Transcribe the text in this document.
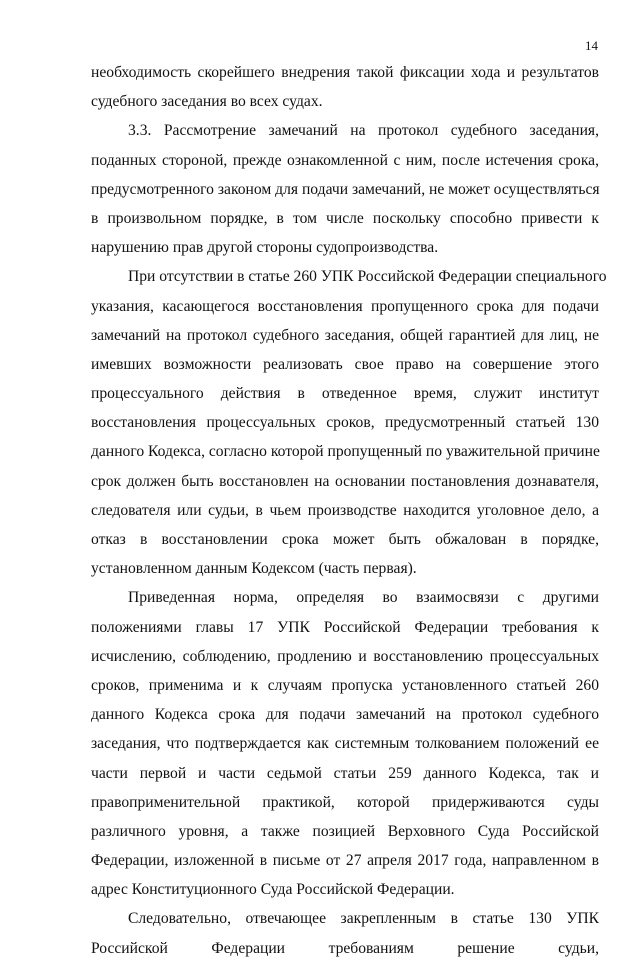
14
необходимость скорейшего внедрения такой фиксации хода и результатов
судебного заседания во всех судах.
3.3. Рассмотрение замечаний на протокол судебного заседания,
поданных стороной, прежде ознакомленной с ним, после истечения срока,
предусмотренного законом для подачи замечаний, не может осуществляться
в произвольном порядке, в том числе поскольку способно привести к
нарушению прав другой стороны судопроизводства.
При отсутствии в статье 260 УПК Российской Федерации специального
указания, касающегося восстановления пропущенного срока для подачи
замечаний на протокол судебного заседания, общей гарантией для лиц, не
имевших возможности реализовать свое право на совершение этого
процессуального действия в отведенное время, служит институт
восстановления процессуальных сроков, предусмотренный статьей 130
данного Кодекса, согласно которой пропущенный по уважительной причине
срок должен быть восстановлен на основании постановления дознавателя,
следователя или судьи, в чьем производстве находится уголовное дело, а
отказ в восстановлении срока может быть обжалован в порядке,
установленном данным Кодексом (часть первая).
Приведенная норма, определяя во взаимосвязи с другими
положениями главы 17 УПК Российской Федерации требования к
исчислению, соблюдению, продлению и восстановлению процессуальных
сроков, применима и к случаям пропуска установленного статьей 260
данного Кодекса срока для подачи замечаний на протокол судебного
заседания, что подтверждается как системным толкованием положений ее
части первой и части седьмой статьи 259 данного Кодекса, так и
правоприменительной практикой, которой придерживаются суды
различного уровня, а также позицией Верховного Суда Российской
Федерации, изложенной в письме от 27 апреля 2017 года, направленном в
адрес Конституционного Суда Российской Федерации.
Следовательно, отвечающее закрепленным в статье 130 УПК
Российской Федерации требованиям решение судьи,
